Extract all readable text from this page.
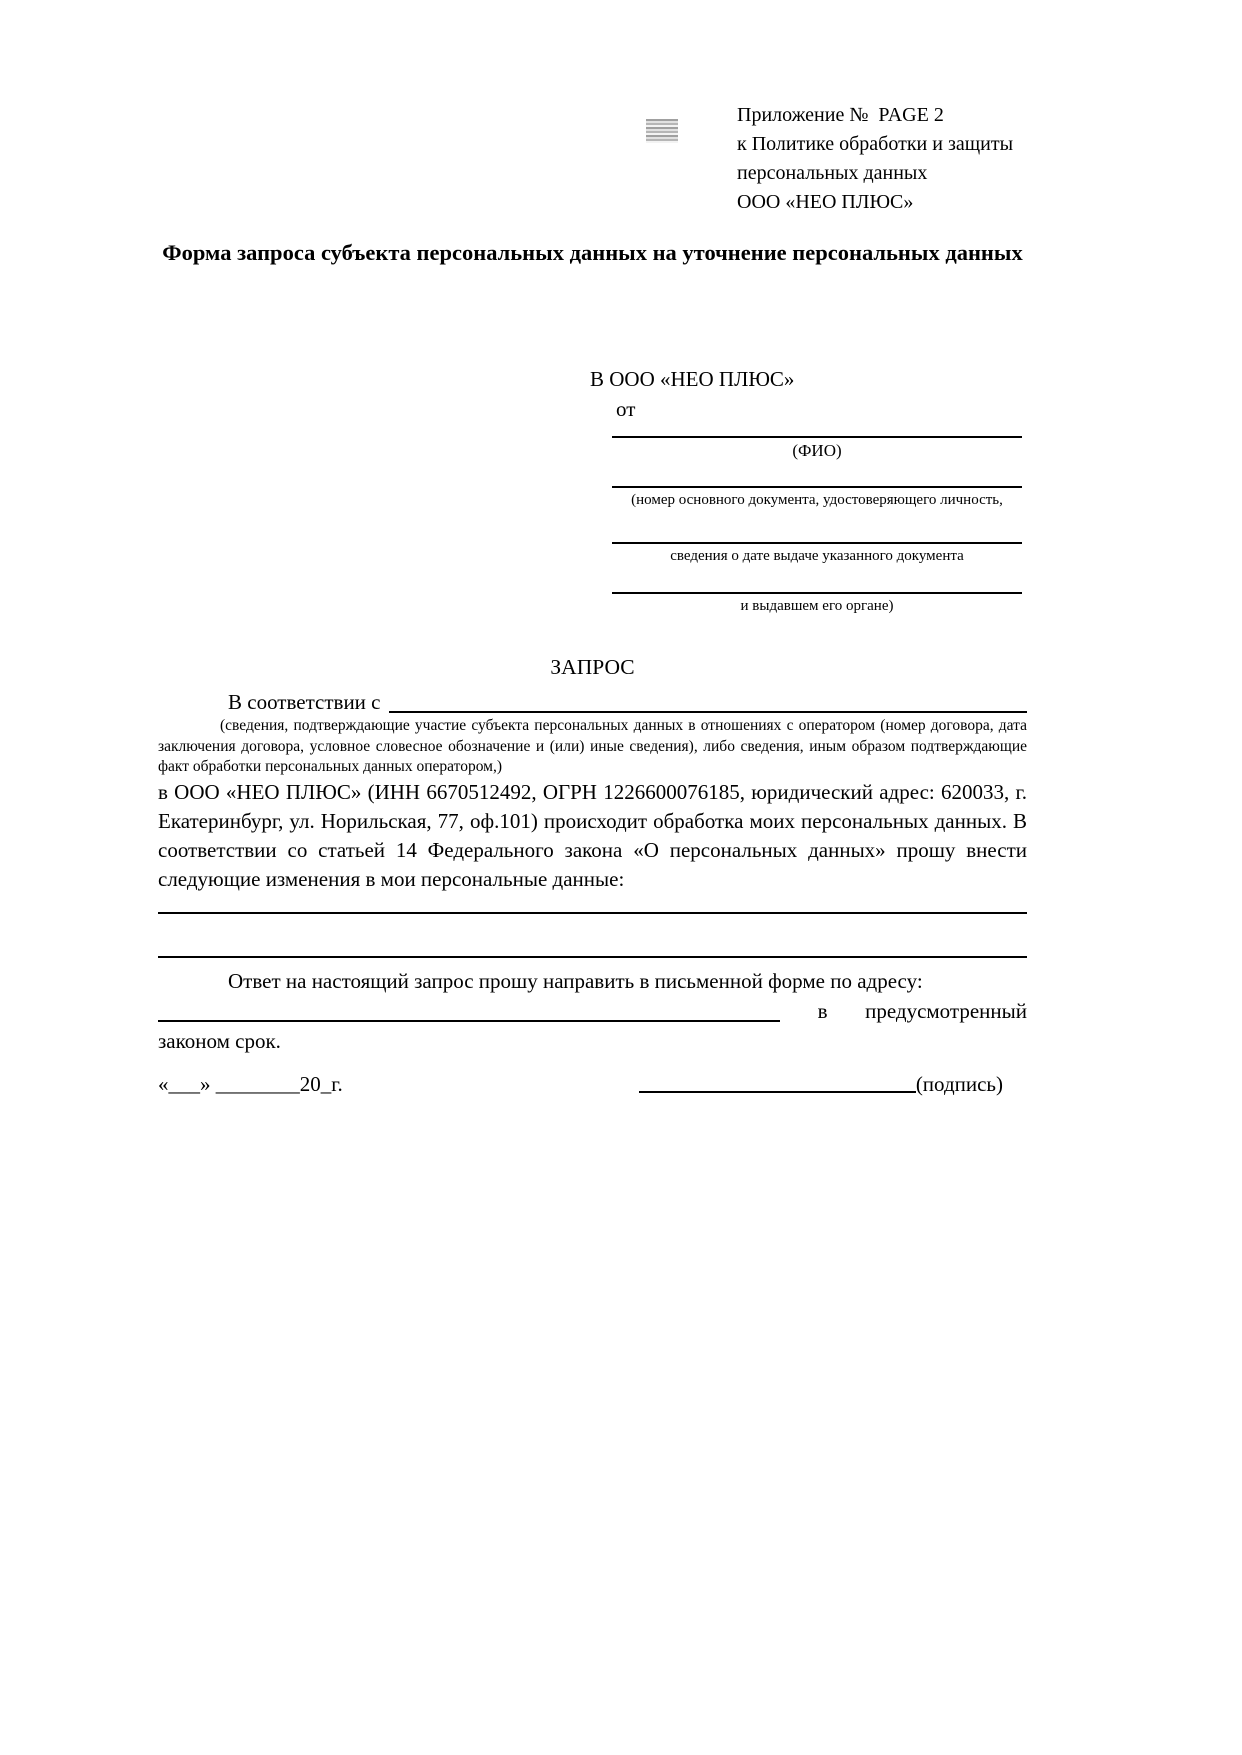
Приложение №  PAGE 2
к Политике обработки и защиты
персональных данных
ООО «НЕО ПЛЮС»
Форма запроса субъекта персональных данных на уточнение персональных данных
В ООО «НЕО ПЛЮС»
от
(ФИО)
(номер основного документа, удостоверяющего личность,
сведения о дате выдаче указанного документа
и выдавшем его органе)
ЗАПРОС
В соответствии с
(сведения, подтверждающие участие субъекта персональных данных в отношениях с оператором (номер договора, дата заключения договора, условное словесное обозначение и (или) иные сведения), либо сведения, иным образом подтверждающие факт обработки персональных данных оператором,)
в ООО «НЕО ПЛЮС» (ИНН 6670512492, ОГРН 1226600076185, юридический адрес: 620033, г. Екатеринбург, ул. Норильская, 77, оф.101) происходит обработка моих персональных данных. В соответствии со статьей 14 Федерального закона «О персональных данных» прошу внести следующие изменения в мои персональные данные:
Ответ на настоящий запрос прошу направить в письменной форме по адресу:
в предусмотренный
законом срок.
«___» ________20_г.	(подпись)
